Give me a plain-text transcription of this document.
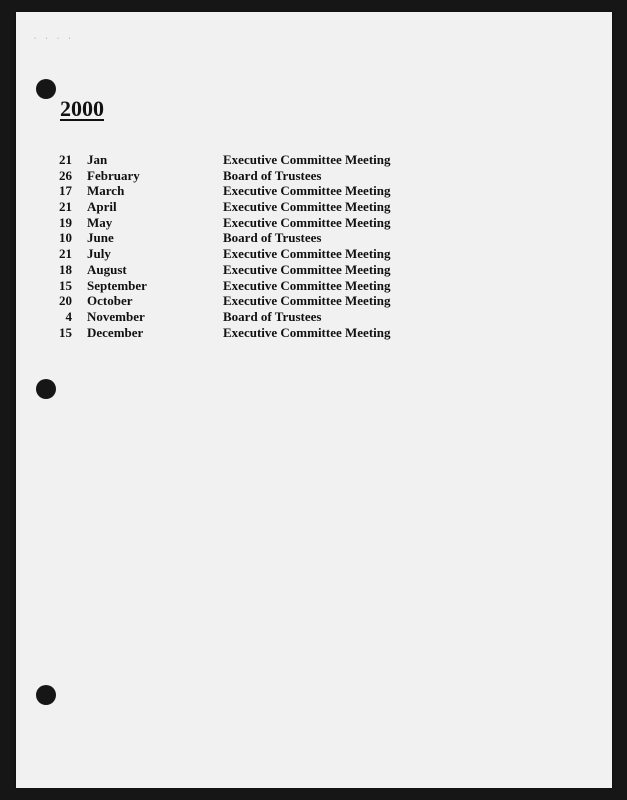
· · · ·
2000
21 Jan	Executive Committee Meeting
26 February	Board of Trustees
17 March	Executive Committee Meeting
21 April	Executive Committee Meeting
19 May	Executive Committee Meeting
10 June	Board of Trustees
21 July	Executive Committee Meeting
18 August	Executive Committee Meeting
15 September	Executive Committee Meeting
20 October	Executive Committee Meeting
4 November	Board of Trustees
15 December	Executive Committee Meeting
